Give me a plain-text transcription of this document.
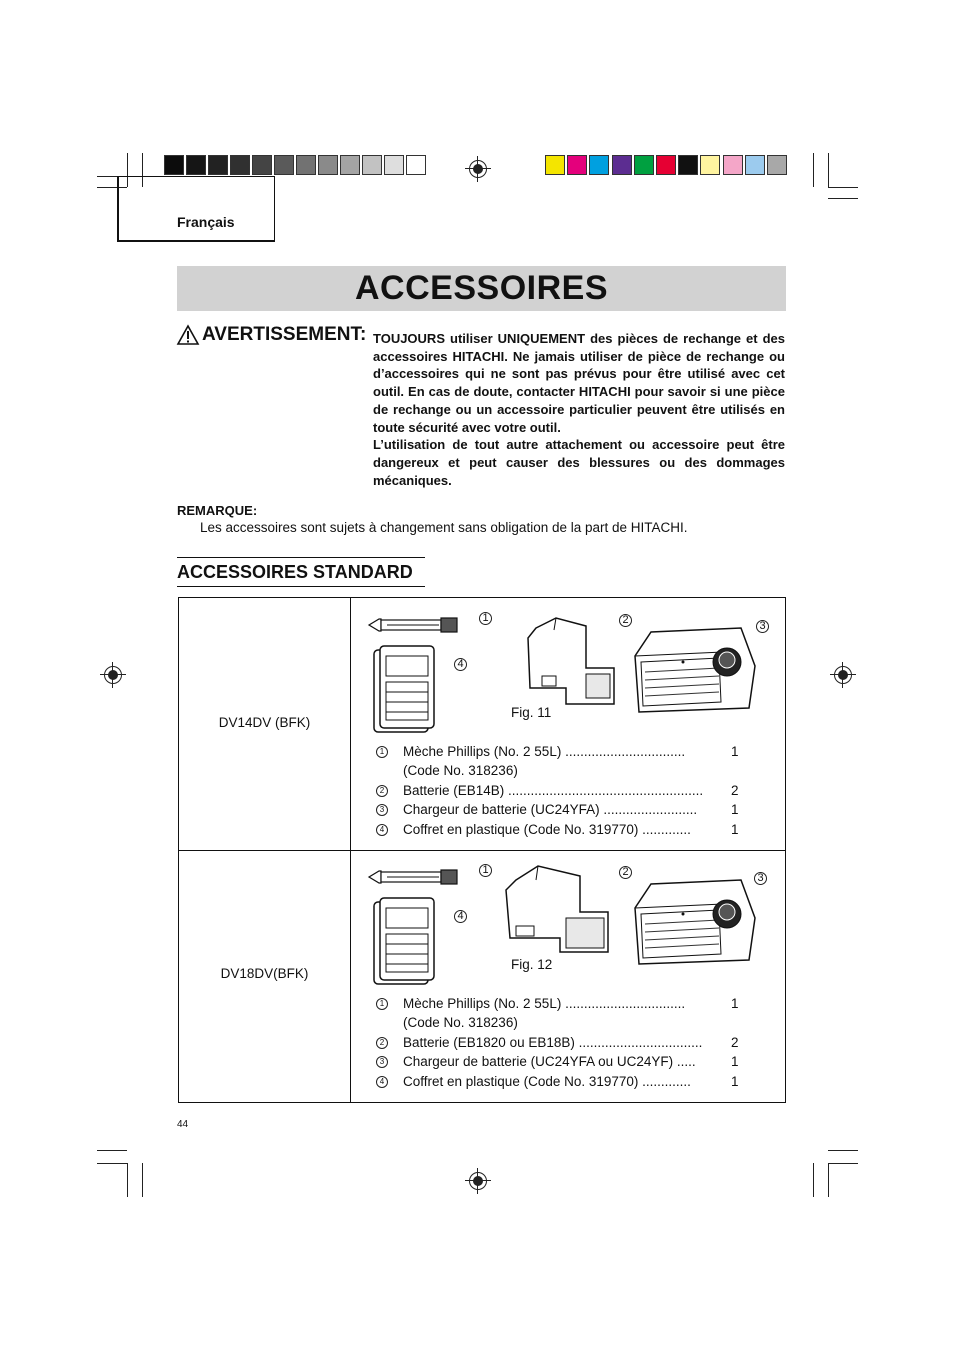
Français
ACCESSOIRES
AVERTISSEMENT: TOUJOURS utiliser UNIQUEMENT des pièces de rechange et des accessoires HITACHI. Ne jamais utiliser de pièce de rechange ou d’accessoires qui ne sont pas prévus pour être utilisé avec cet outil. En cas de doute, contacter HITACHI pour savoir si une pièce de rechange ou un accessoire particulier peuvent être utilisés en toute sécurité avec votre outil.

L’utilisation de tout autre attachement ou accessoire peut être dangereux et peut causer des blessures ou des dommages mécaniques.

REMARQUE:
Les accessoires sont sujets à changement sans obligation de la part de HITACHI.
ACCESSOIRES STANDARD
DV14DV (BFK)
1	2	3
4
Fig. 11
1 Mèche Phillips (No. 2 55L) ................................	1
(Code No. 318236)
2 Batterie (EB14B) .................................................... 2
3 Chargeur de batterie (UC24YFA) .........................	1
4 Coffret en plastique (Code No. 319770) .............	1
DV18DV(BFK)
1	2	3
4
Fig. 12
1 Mèche Phillips (No. 2 55L) ................................	1
(Code No. 318236)
2 Batterie (EB1820 ou EB18B) ................................. 2
3 Chargeur de batterie (UC24YFA ou UC24YF) .....	1
4 Coffret en plastique (Code No. 319770) .............	1
44
